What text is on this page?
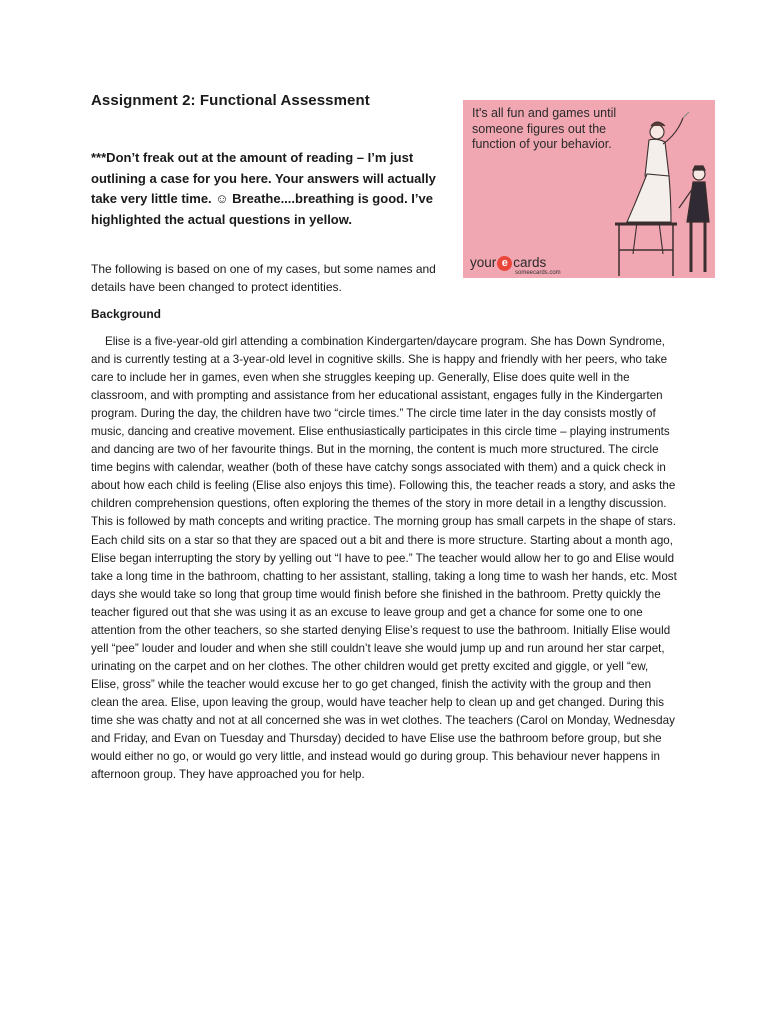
Assignment 2: Functional Assessment
***Don’t freak out at the amount of reading – I’m just outlining a case for you here. Your answers will actually take very little time. ☺ Breathe....breathing is good. I’ve highlighted the actual questions in yellow.
It's all fun and games until someone figures out the function of your behavior.
your e cards
someecards.com
The following is based on one of my cases, but some names and details have been changed to protect identities.
Background
Elise is a five-year-old girl attending a combination Kindergarten/daycare program. She has Down Syndrome, and is currently testing at a 3-year-old level in cognitive skills. She is happy and friendly with her peers, who take care to include her in games, even when she struggles keeping up. Generally, Elise does quite well in the classroom, and with prompting and assistance from her educational assistant, engages fully in the Kindergarten program. During the day, the children have two “circle times.” The circle time later in the day consists mostly of music, dancing and creative movement. Elise enthusiastically participates in this circle time – playing instruments and dancing are two of her favourite things. But in the morning, the content is much more structured. The circle time begins with calendar, weather (both of these have catchy songs associated with them) and a quick check in about how each child is feeling (Elise also enjoys this time). Following this, the teacher reads a story, and asks the children comprehension questions, often exploring the themes of the story in more detail in a lengthy discussion. This is followed by math concepts and writing practice. The morning group has small carpets in the shape of stars. Each child sits on a star so that they are spaced out a bit and there is more structure. Starting about a month ago, Elise began interrupting the story by yelling out “I have to pee.” The teacher would allow her to go and Elise would take a long time in the bathroom, chatting to her assistant, stalling, taking a long time to wash her hands, etc. Most days she would take so long that group time would finish before she finished in the bathroom. Pretty quickly the teacher figured out that she was using it as an excuse to leave group and get a chance for some one to one attention from the other teachers, so she started denying Elise’s request to use the bathroom. Initially Elise would yell “pee” louder and louder and when she still couldn’t leave she would jump up and run around her star carpet, urinating on the carpet and on her clothes. The other children would get pretty excited and giggle, or yell “ew, Elise, gross” while the teacher would excuse her to go get changed, finish the activity with the group and then clean the area. Elise, upon leaving the group, would have teacher help to clean up and get changed. During this time she was chatty and not at all concerned she was in wet clothes. The teachers (Carol on Monday, Wednesday and Friday, and Evan on Tuesday and Thursday) decided to have Elise use the bathroom before group, but she would either no go, or would go very little, and instead would go during group. This behaviour never happens in afternoon group. They have approached you for help.
